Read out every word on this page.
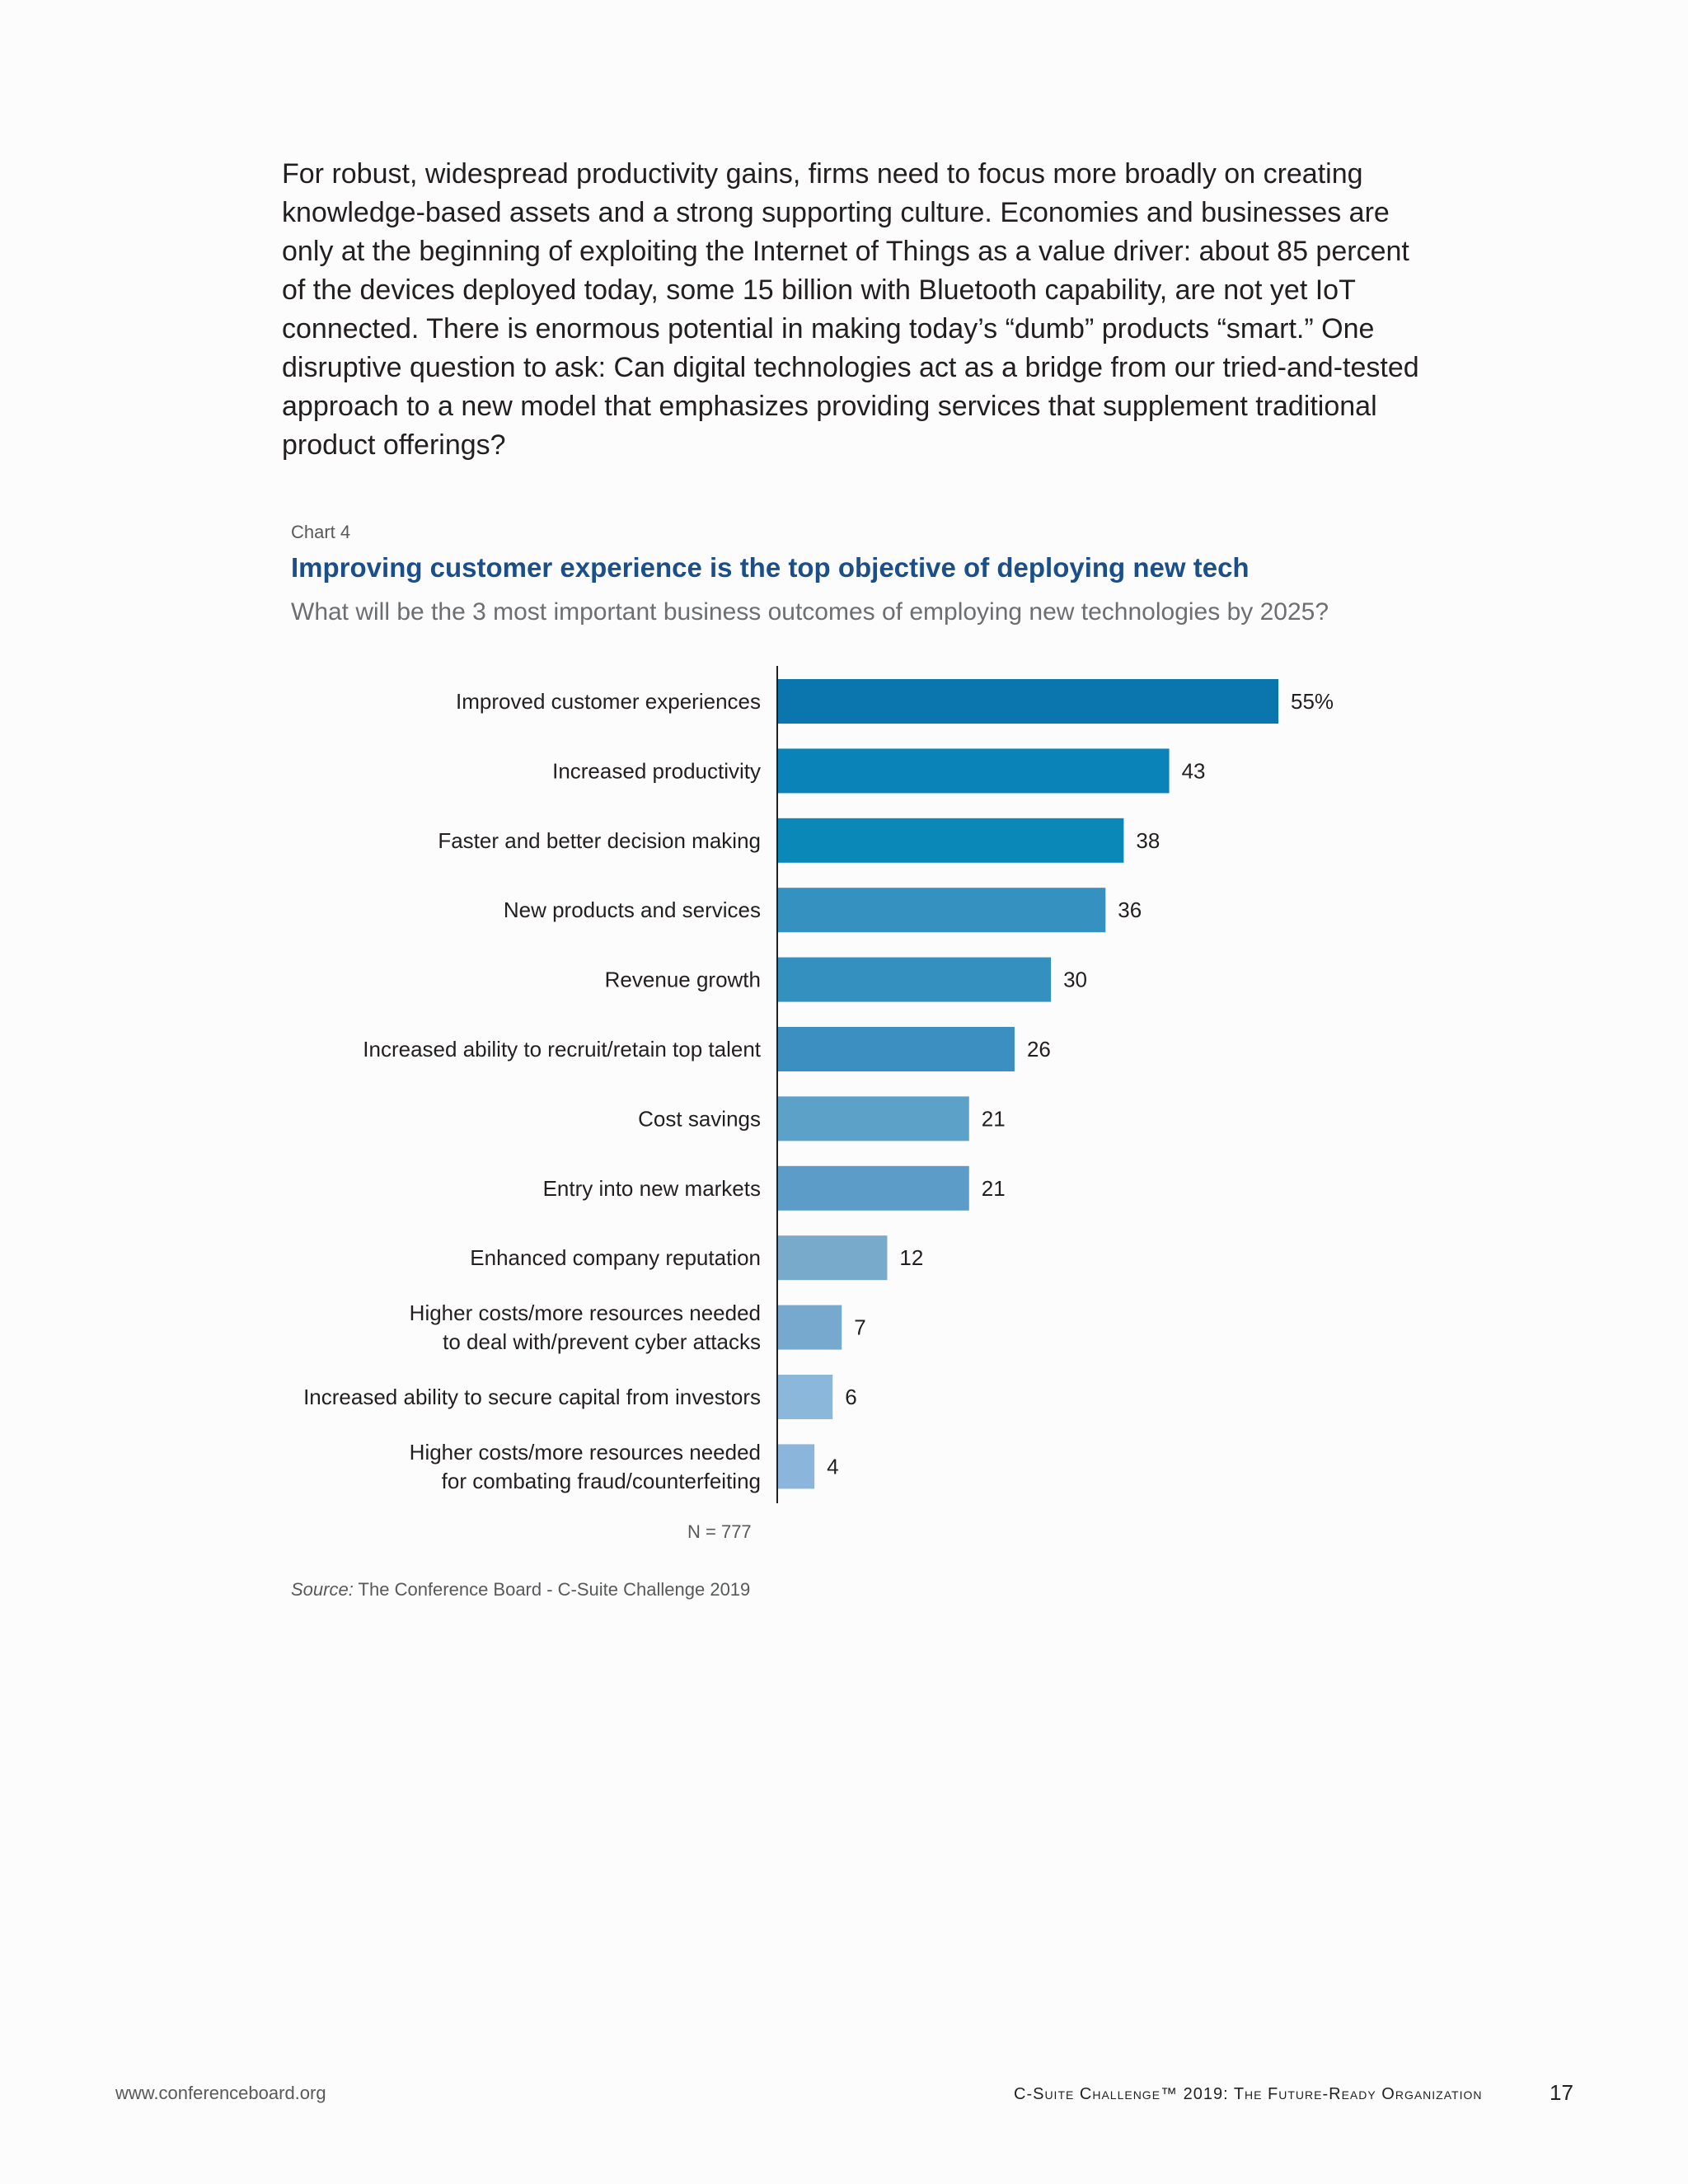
For robust, widespread productivity gains, firms need to focus more broadly on creating knowledge-based assets and a strong supporting culture. Economies and businesses are only at the beginning of exploiting the Internet of Things as a value driver: about 85 percent of the devices deployed today, some 15 billion with Bluetooth capability, are not yet IoT connected. There is enormous potential in making today’s “dumb” products “smart.” One disruptive question to ask: Can digital technologies act as a bridge from our tried-and-tested approach to a new model that emphasizes providing services that supplement traditional product offerings?

Chart 4
Improving customer experience is the top objective of deploying new tech
What will be the 3 most important business outcomes of employing new technologies by 2025?
55%
Improved customer experiences
43
Increased productivity
38
Faster and better decision making
36
New products and services
30
Revenue growth
26
Increased ability to recruit/retain top talent
21
Cost savings
21
Entry into new markets
12
Enhanced company reputation
7
Higher costs/more resources needed to deal with/prevent cyber attacks
6
Increased ability to secure capital from investors
4
Higher costs/more resources needed for combating fraud/counterfeiting
N = 777
Source: The Conference Board - C-Suite Challenge 2019
www.conferenceboard.org	C-Suite Challenge™ 2019: The Future-Ready Organization	17
